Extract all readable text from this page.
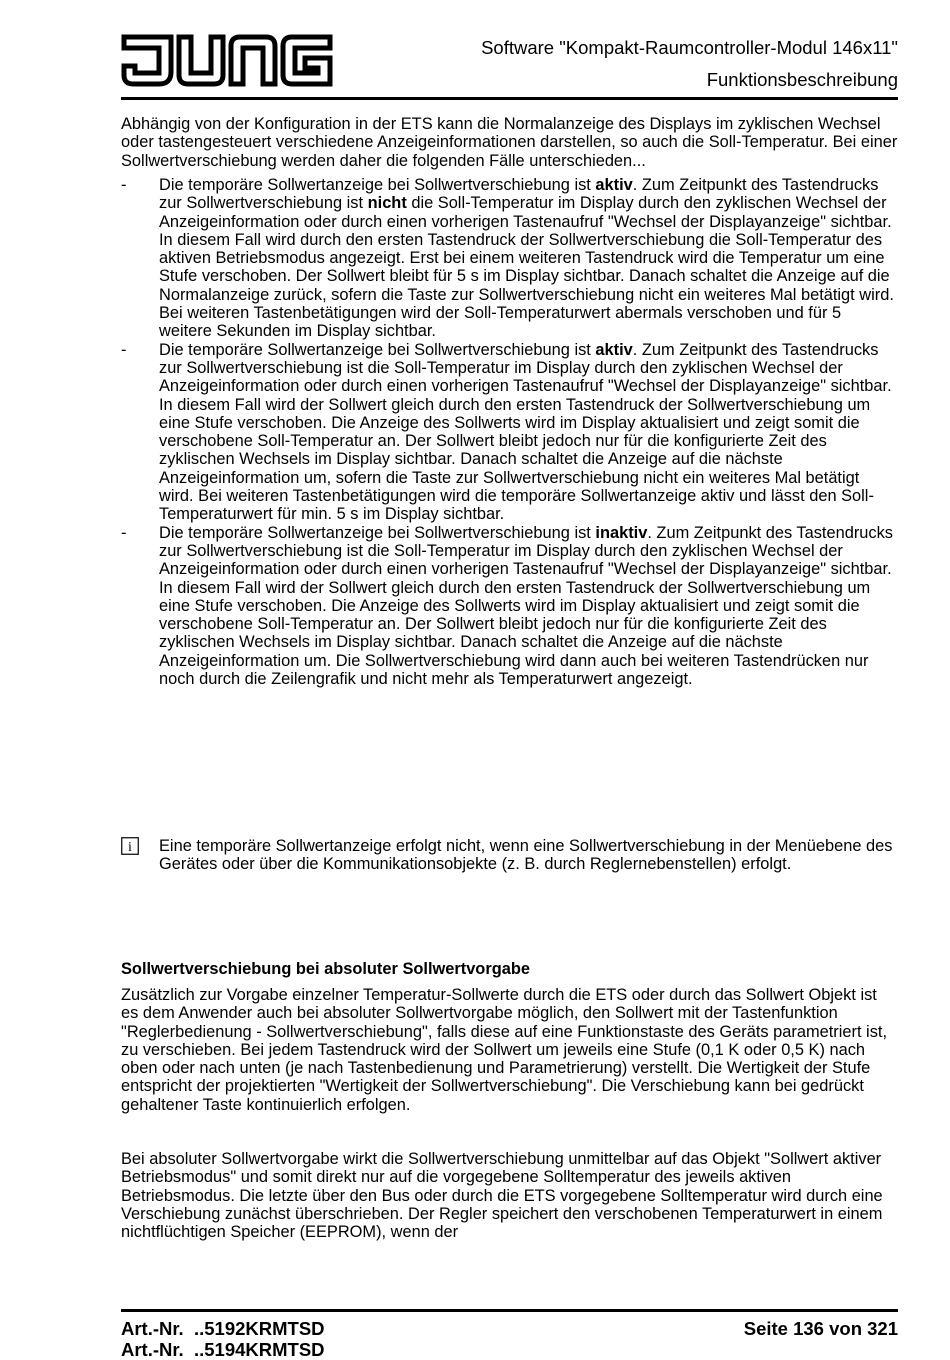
Software "Kompakt-Raumcontroller-Modul 146x11"
Funktionsbeschreibung
Abhängig von der Konfiguration in der ETS kann die Normalanzeige des Displays im zyklischen Wechsel oder tastengesteuert verschiedene Anzeigeinformationen darstellen, so auch die Soll-Temperatur. Bei einer Sollwertverschiebung werden daher die folgenden Fälle unterschieden...
-	Die temporäre Sollwertanzeige bei Sollwertverschiebung ist aktiv. Zum Zeitpunkt des Tastendrucks zur Sollwertverschiebung ist nicht die Soll-Temperatur im Display durch den zyklischen Wechsel der Anzeigeinformation oder durch einen vorherigen Tastenaufruf "Wechsel der Displayanzeige" sichtbar.
In diesem Fall wird durch den ersten Tastendruck der Sollwertverschiebung die Soll-Temperatur des aktiven Betriebsmodus angezeigt. Erst bei einem weiteren Tastendruck wird die Temperatur um eine Stufe verschoben. Der Sollwert bleibt für 5 s im Display sichtbar. Danach schaltet die Anzeige auf die Normalanzeige zurück, sofern die Taste zur Sollwertverschiebung nicht ein weiteres Mal betätigt wird. Bei weiteren Tastenbetätigungen wird der Soll-Temperaturwert abermals verschoben und für 5 weitere Sekunden im Display sichtbar.
-	Die temporäre Sollwertanzeige bei Sollwertverschiebung ist aktiv. Zum Zeitpunkt des Tastendrucks zur Sollwertverschiebung ist die Soll-Temperatur im Display durch den zyklischen Wechsel der Anzeigeinformation oder durch einen vorherigen Tastenaufruf "Wechsel der Displayanzeige" sichtbar.
In diesem Fall wird der Sollwert gleich durch den ersten Tastendruck der Sollwertverschiebung um eine Stufe verschoben. Die Anzeige des Sollwerts wird im Display aktualisiert und zeigt somit die verschobene Soll-Temperatur an. Der Sollwert bleibt jedoch nur für die konfigurierte Zeit des zyklischen Wechsels im Display sichtbar. Danach schaltet die Anzeige auf die nächste Anzeigeinformation um, sofern die Taste zur Sollwertverschiebung nicht ein weiteres Mal betätigt wird. Bei weiteren Tastenbetätigungen wird die temporäre Sollwertanzeige aktiv und lässt den Soll-Temperaturwert für min. 5 s im Display sichtbar.
-	Die temporäre Sollwertanzeige bei Sollwertverschiebung ist inaktiv. Zum Zeitpunkt des Tastendrucks zur Sollwertverschiebung ist die Soll-Temperatur im Display durch den zyklischen Wechsel der Anzeigeinformation oder durch einen vorherigen Tastenaufruf "Wechsel der Displayanzeige" sichtbar.
In diesem Fall wird der Sollwert gleich durch den ersten Tastendruck der Sollwertverschiebung um eine Stufe verschoben. Die Anzeige des Sollwerts wird im Display aktualisiert und zeigt somit die verschobene Soll-Temperatur an. Der Sollwert bleibt jedoch nur für die konfigurierte Zeit des zyklischen Wechsels im Display sichtbar. Danach schaltet die Anzeige auf die nächste Anzeigeinformation um. Die Sollwertverschiebung wird dann auch bei weiteren Tastendrücken nur noch durch die Zeilengrafik und nicht mehr als Temperaturwert angezeigt.
i Eine temporäre Sollwertanzeige erfolgt nicht, wenn eine Sollwertverschiebung in der Menüebene des Gerätes oder über die Kommunikationsobjekte (z. B. durch Reglernebenstellen) erfolgt.
Sollwertverschiebung bei absoluter Sollwertvorgabe
Zusätzlich zur Vorgabe einzelner Temperatur-Sollwerte durch die ETS oder durch das Sollwert Objekt ist es dem Anwender auch bei absoluter Sollwertvorgabe möglich, den Sollwert mit der Tastenfunktion "Reglerbedienung - Sollwertverschiebung", falls diese auf eine Funktionstaste des Geräts parametriert ist, zu verschieben. Bei jedem Tastendruck wird der Sollwert um jeweils eine Stufe (0,1 K oder 0,5 K) nach oben oder nach unten (je nach Tastenbedienung und Parametrierung) verstellt. Die Wertigkeit der Stufe entspricht der projektierten "Wertigkeit der Sollwertverschiebung". Die Verschiebung kann bei gedrückt gehaltener Taste kontinuierlich erfolgen.
Bei absoluter Sollwertvorgabe wirkt die Sollwertverschiebung unmittelbar auf das Objekt "Sollwert aktiver Betriebsmodus" und somit direkt nur auf die vorgegebene Solltemperatur des jeweils aktiven Betriebsmodus. Die letzte über den Bus oder durch die ETS vorgegebene Solltemperatur wird durch eine Verschiebung zunächst überschrieben. Der Regler speichert den verschobenen Temperaturwert in einem nichtflüchtigen Speicher (EEPROM), wenn der
Art.-Nr.  ..5192KRMTSD
Art.-Nr.  ..5194KRMTSD
Seite 136 von 321
